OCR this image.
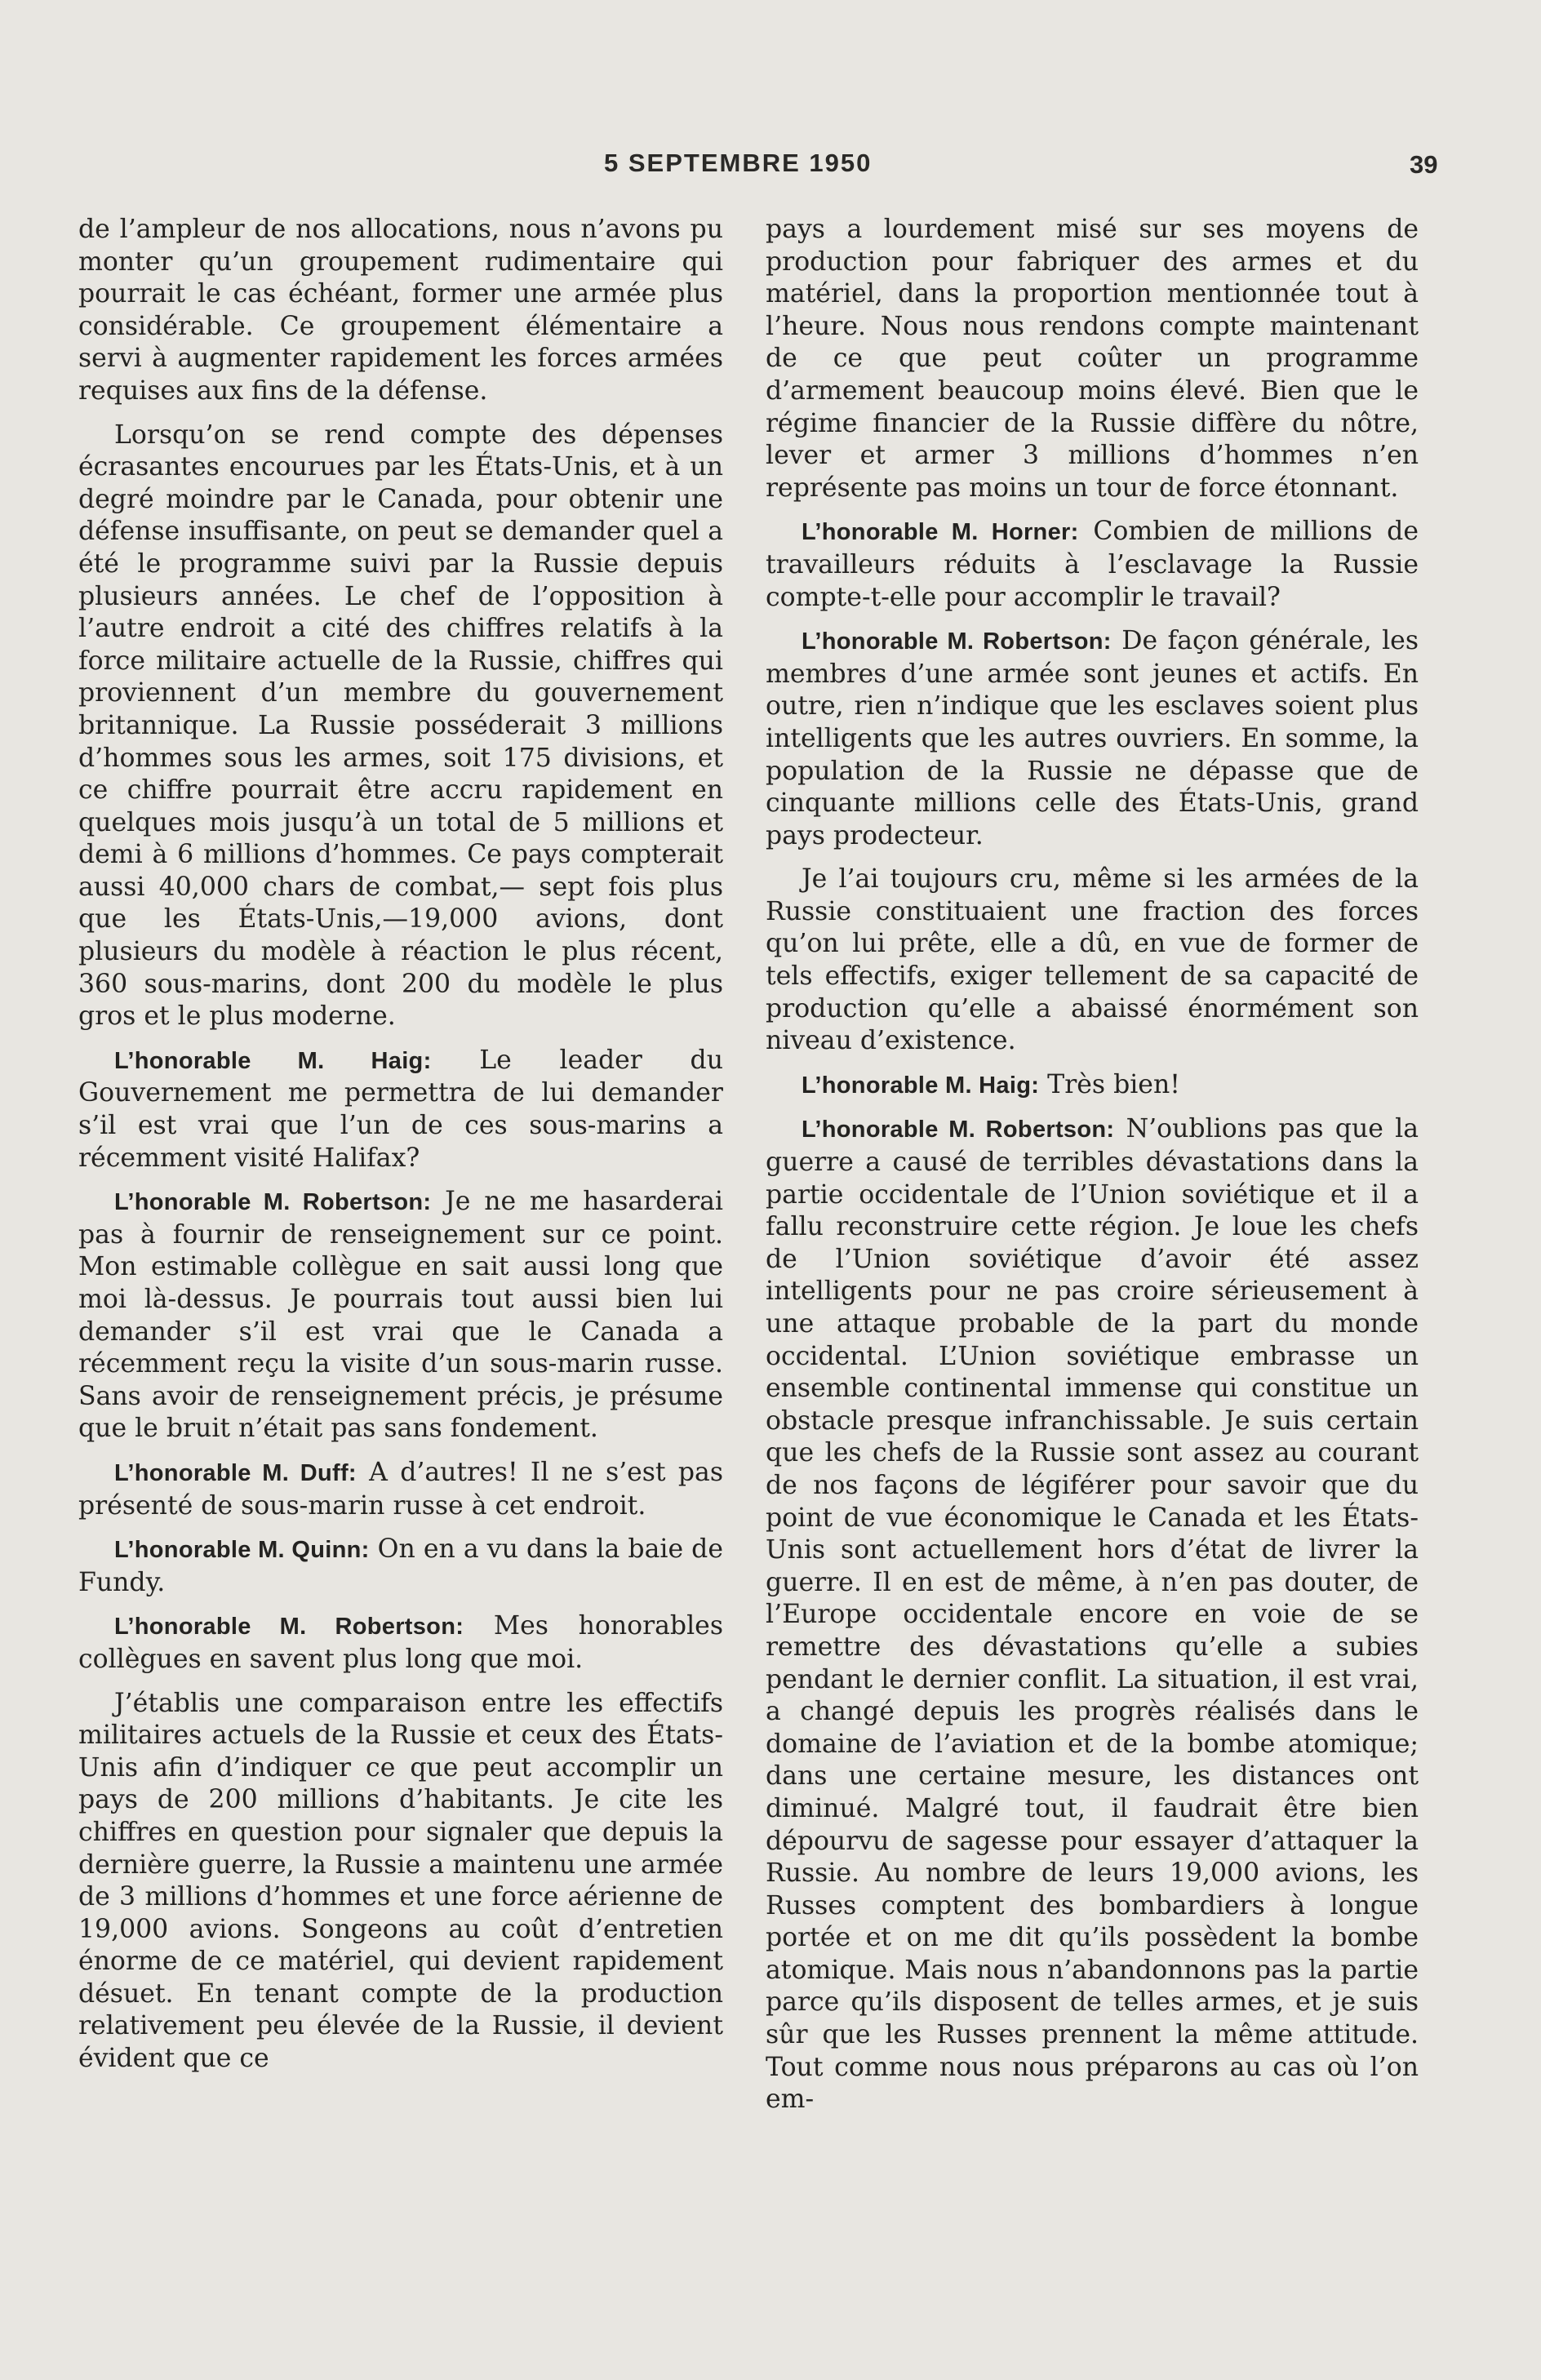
5 SEPTEMBRE 1950	39

de l’ampleur de nos allocations, nous n’avons pu monter qu’un groupement rudimentaire qui pourrait le cas échéant, former une armée plus considérable. Ce groupement élémentaire a servi à augmenter rapidement les forces armées requises aux fins de la défense.

Lorsqu’on se rend compte des dépenses écrasantes encourues par les États-Unis, et à un degré moindre par le Canada, pour obtenir une défense insuffisante, on peut se demander quel a été le programme suivi par la Russie depuis plusieurs années. Le chef de l’opposition à l’autre endroit a cité des chiffres relatifs à la force militaire actuelle de la Russie, chiffres qui proviennent d’un membre du gouvernement britannique. La Russie posséderait 3 millions d’hommes sous les armes, soit 175 divisions, et ce chiffre pourrait être accru rapidement en quelques mois jusqu’à un total de 5 millions et demi à 6 millions d’hommes. Ce pays compterait aussi 40,000 chars de combat,— sept fois plus que les États-Unis,—19,000 avions, dont plusieurs du modèle à réaction le plus récent, 360 sous-marins, dont 200 du modèle le plus gros et le plus moderne.

L’honorable M. Haig: Le leader du Gouvernement me permettra de lui demander s’il est vrai que l’un de ces sous-marins a récemment visité Halifax?

L’honorable M. Robertson: Je ne me hasarderai pas à fournir de renseignement sur ce point. Mon estimable collègue en sait aussi long que moi là-dessus. Je pourrais tout aussi bien lui demander s’il est vrai que le Canada a récemment reçu la visite d’un sous-marin russe. Sans avoir de renseignement précis, je présume que le bruit n’était pas sans fondement.

L’honorable M. Duff: A d’autres! Il ne s’est pas présenté de sous-marin russe à cet endroit.

L’honorable M. Quinn: On en a vu dans la baie de Fundy.

L’honorable M. Robertson: Mes honorables collègues en savent plus long que moi.

J’établis une comparaison entre les effectifs militaires actuels de la Russie et ceux des États-Unis afin d’indiquer ce que peut accomplir un pays de 200 millions d’habitants. Je cite les chiffres en question pour signaler que depuis la dernière guerre, la Russie a maintenu une armée de 3 millions d’hommes et une force aérienne de 19,000 avions. Songeons au coût d’entretien énorme de ce matériel, qui devient rapidement désuet. En tenant compte de la production relativement peu élevée de la Russie, il devient évident que ce

pays a lourdement misé sur ses moyens de production pour fabriquer des armes et du matériel, dans la proportion mentionnée tout à l’heure. Nous nous rendons compte maintenant de ce que peut coûter un programme d’armement beaucoup moins élevé. Bien que le régime financier de la Russie diffère du nôtre, lever et armer 3 millions d’hommes n’en représente pas moins un tour de force étonnant.

L’honorable M. Horner: Combien de millions de travailleurs réduits à l’esclavage la Russie compte-t-elle pour accomplir le travail?

L’honorable M. Robertson: De façon générale, les membres d’une armée sont jeunes et actifs. En outre, rien n’indique que les esclaves soient plus intelligents que les autres ouvriers. En somme, la population de la Russie ne dépasse que de cinquante millions celle des États-Unis, grand pays prodecteur.

Je l’ai toujours cru, même si les armées de la Russie constituaient une fraction des forces qu’on lui prête, elle a dû, en vue de former de tels effectifs, exiger tellement de sa capacité de production qu’elle a abaissé énormément son niveau d’existence.

L’honorable M. Haig: Très bien!

L’honorable M. Robertson: N’oublions pas que la guerre a causé de terribles dévastations dans la partie occidentale de l’Union soviétique et il a fallu reconstruire cette région. Je loue les chefs de l’Union soviétique d’avoir été assez intelligents pour ne pas croire sérieusement à une attaque probable de la part du monde occidental. L’Union soviétique embrasse un ensemble continental immense qui constitue un obstacle presque infranchissable. Je suis certain que les chefs de la Russie sont assez au courant de nos façons de légiférer pour savoir que du point de vue économique le Canada et les États-Unis sont actuellement hors d’état de livrer la guerre. Il en est de même, à n’en pas douter, de l’Europe occidentale encore en voie de se remettre des dévastations qu’elle a subies pendant le dernier conflit. La situation, il est vrai, a changé depuis les progrès réalisés dans le domaine de l’aviation et de la bombe atomique; dans une certaine mesure, les distances ont diminué. Malgré tout, il faudrait être bien dépourvu de sagesse pour essayer d’attaquer la Russie. Au nombre de leurs 19,000 avions, les Russes comptent des bombardiers à longue portée et on me dit qu’ils possèdent la bombe atomique. Mais nous n’abandonnons pas la partie parce qu’ils disposent de telles armes, et je suis sûr que les Russes prennent la même attitude. Tout comme nous nous préparons au cas où l’on em-
